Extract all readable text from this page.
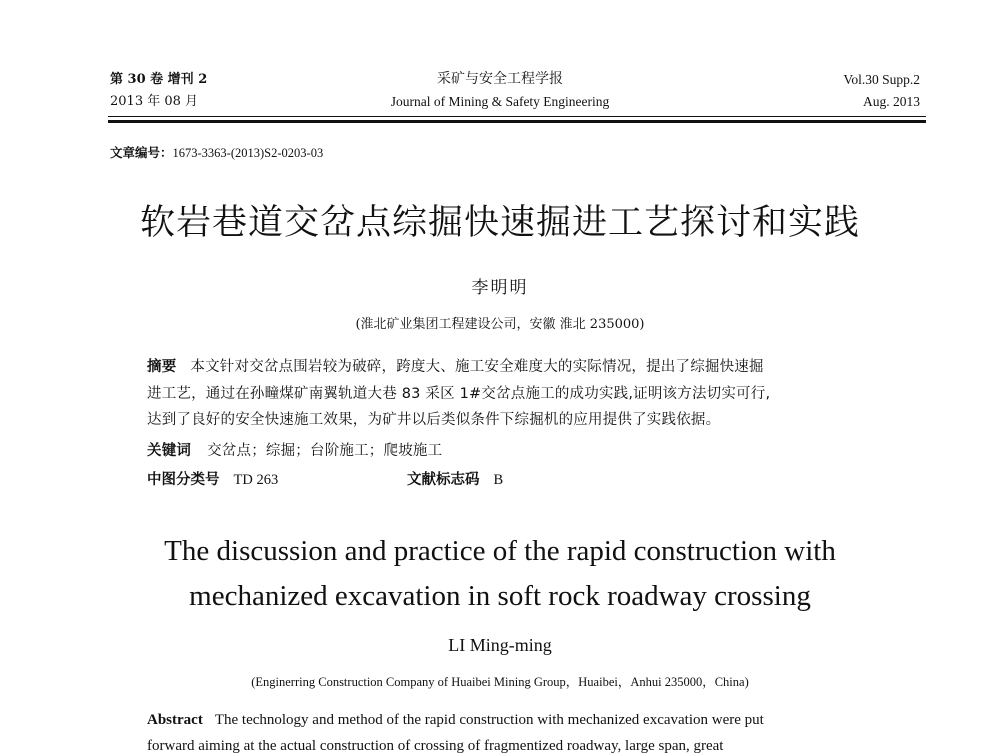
第 30 卷 增刊 2
2013 年 08 月
采矿与安全工程学报
Journal of Mining & Safety Engineering
Vol.30 Supp.2
Aug. 2013
文章编号：1673-3363-(2013)S2-0203-03
软岩巷道交岔点综掘快速掘进工艺探讨和实践
李明明
(淮北矿业集团工程建设公司，安徽 淮北 235000)
摘要 本文针对交岔点围岩较为破碎，跨度大、施工安全难度大的实际情况，提出了综掘快速掘
进工艺，通过在孙疃煤矿南翼轨道大巷 83 采区 1#交岔点施工的成功实践,证明该方法切实可行,
达到了良好的安全快速施工效果，为矿井以后类似条件下综掘机的应用提供了实践依据。
关键词 交岔点；综掘；台阶施工；爬坡施工
中图分类号 TD 263	文献标志码 B
The discussion and practice of the rapid construction with
mechanized excavation in soft rock roadway crossing
LI Ming-ming
(Enginerring Construction Company of Huaibei Mining Group，Huaibei，Anhui 235000，China)
Abstract The technology and method of the rapid construction with mechanized excavation were put
forward aiming at the actual construction of crossing of fragmentized roadway, large span, great
